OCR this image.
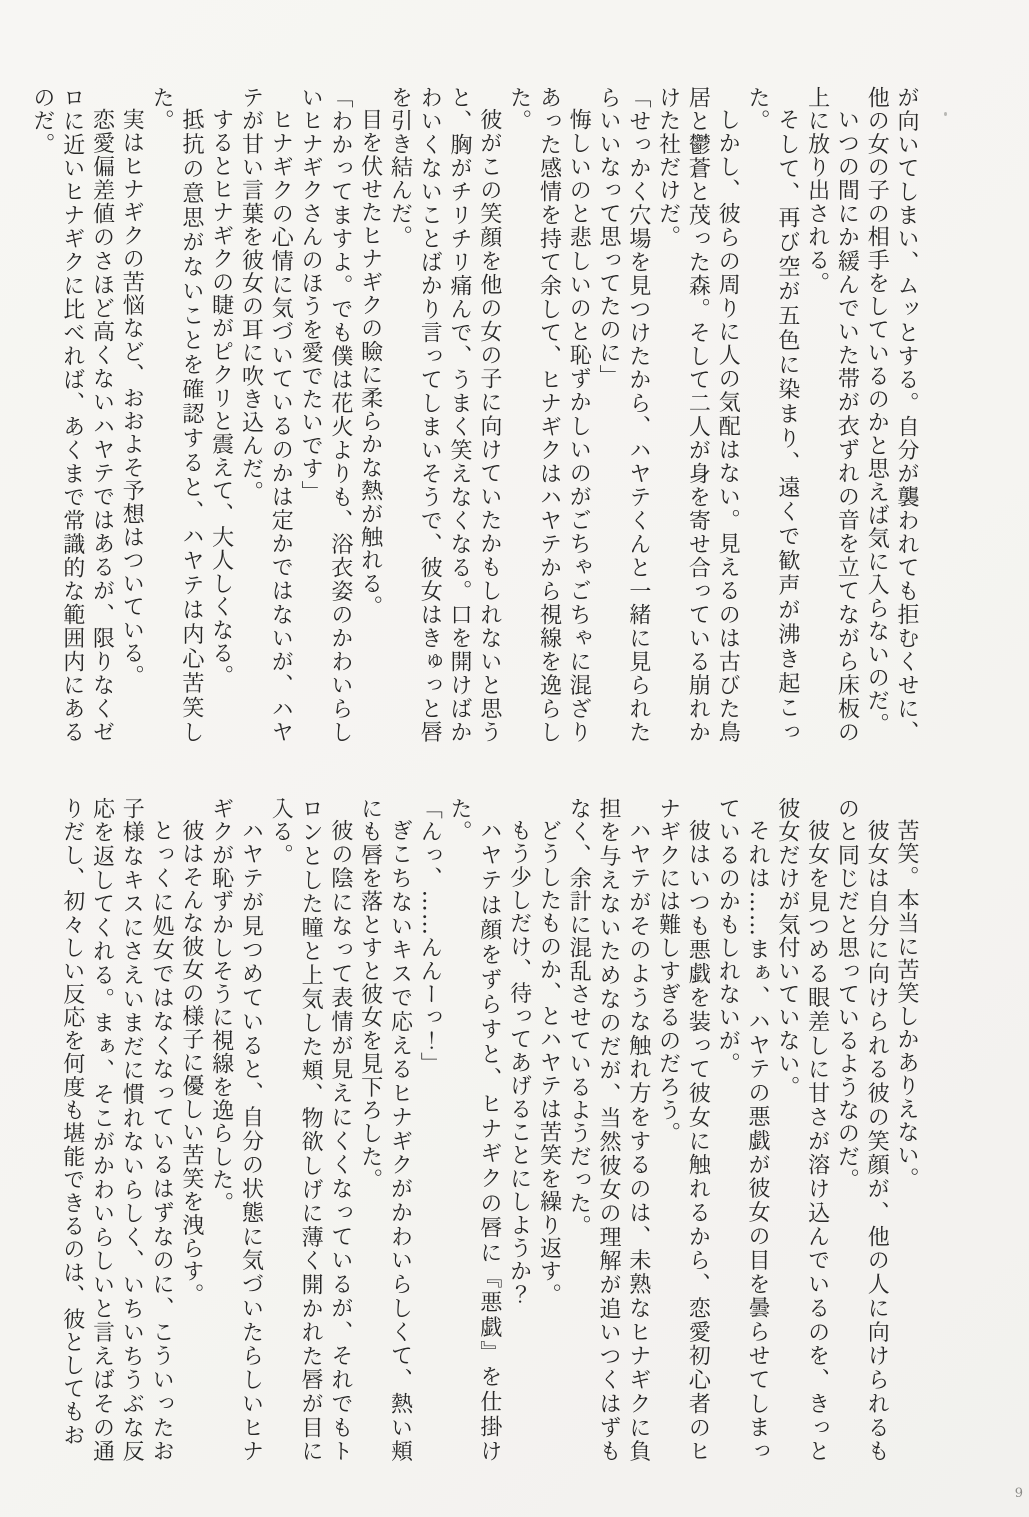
が向いてしまい、ムッとする。自分が襲われても拒むくせに、他の女の子の相手をしているのかと思えば気に入らないのだ。

いつの間にか緩んでいた帯が衣ずれの音を立てながら床板の上に放り出される。

そして、再び空が五色に染まり、遠くで歓声が沸き起こった。

しかし、彼らの周りに人の気配はない。見えるのは古びた鳥居と鬱蒼と茂った森。そして二人が身を寄せ合っている崩れかけた社だけだ。

「せっかく穴場を見つけたから、ハヤテくんと一緒に見られたらいいなって思ってたのに」

悔しいのと悲しいのと恥ずかしいのがごちゃごちゃに混ざりあった感情を持て余して、ヒナギクはハヤテから視線を逸らした。

彼がこの笑顔を他の女の子に向けていたかもしれないと思うと、胸がチリチリ痛んで、うまく笑えなくなる。口を開けばかわいくないことばかり言ってしまいそうで、彼女はきゅっと唇を引き結んだ。

目を伏せたヒナギクの瞼に柔らかな熱が触れる。

「わかってますよ。でも僕は花火よりも、浴衣姿のかわいらしいヒナギクさんのほうを愛でたいです」

ヒナギクの心情に気づいているのかは定かではないが、ハヤテが甘い言葉を彼女の耳に吹き込んだ。

するとヒナギクの睫がピクリと震えて、大人しくなる。

抵抗の意思がないことを確認すると、ハヤテは内心苦笑した。

実はヒナギクの苦悩など、おおよそ予想はついている。

恋愛偏差値のさほど高くないハヤテではあるが、限りなくゼロに近いヒナギクに比べれば、あくまで常識的な範囲内にあるのだ。

苦笑。本当に苦笑しかありえない。

彼女は自分に向けられる彼の笑顔が、他の人に向けられるものと同じだと思っているようなのだ。

彼女を見つめる眼差しに甘さが溶け込んでいるのを、きっと彼女だけが気付いていない。

それは……まぁ、ハヤテの悪戯が彼女の目を曇らせてしまっているのかもしれないが。

彼はいつも悪戯を装って彼女に触れるから、恋愛初心者のヒナギクには難しすぎるのだろう。

ハヤテがそのような触れ方をするのは、未熟なヒナギクに負担を与えないためなのだが、当然彼女の理解が追いつくはずもなく、余計に混乱させているようだった。

どうしたものか、とハヤテは苦笑を繰り返す。

もう少しだけ、待ってあげることにしようか？

ハヤテは顔をずらすと、ヒナギクの唇に『悪戯』を仕掛けた。

「んっ、……んんーっ！」

ぎこちないキスで応えるヒナギクがかわいらしくて、熱い頬にも唇を落とすと彼女を見下ろした。

彼の陰になって表情が見えにくくなっているが、それでもトロンとした瞳と上気した頬、物欲しげに薄く開かれた唇が目に入る。

ハヤテが見つめていると、自分の状態に気づいたらしいヒナギクが恥ずかしそうに視線を逸らした。

彼はそんな彼女の様子に優しい苦笑を洩らす。

とっくに処女ではなくなっているはずなのに、こういったお子様なキスにさえいまだに慣れないらしく、いちいちうぶな反応を返してくれる。まぁ、そこがかわいらしいと言えばその通りだし、初々しい反応を何度も堪能できるのは、彼としてもお

9
